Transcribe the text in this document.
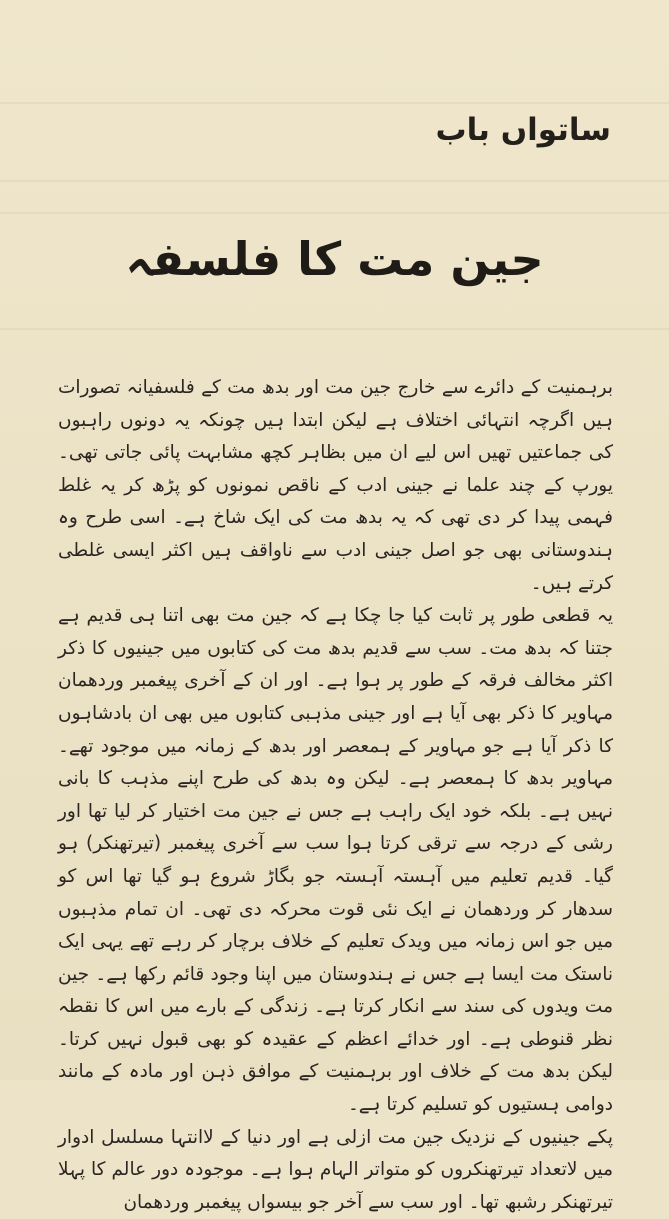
ساتواں باب
جین مت کا فلسفہ

برہمنیت کے دائرے سے خارج جین مت اور بدھ مت کے فلسفیانہ تصورات ہیں اگرچہ انتہائی اختلاف ہے لیکن ابتدا ہیں چونکہ یہ دونوں راہبوں کی جماعتیں تھیں اس لیے ان میں بظاہر کچھ مشابہت پائی جاتی تھی۔ یورپ کے چند علما نے جینی ادب کے ناقص نمونوں کو پڑھ کر یہ غلط فہمی پیدا کر دی تھی کہ یہ بدھ مت کی ایک شاخ ہے۔ اسی طرح وہ ہندوستانی بھی جو اصل جینی ادب سے ناواقف ہیں اکثر ایسی غلطی کرتے ہیں۔

یہ قطعی طور پر ثابت کیا جا چکا ہے کہ جین مت بھی اتنا ہی قدیم ہے جتنا کہ بدھ مت۔ سب سے قدیم بدھ مت کی کتابوں میں جینیوں کا ذکر اکثر مخالف فرقہ کے طور پر ہوا ہے۔ اور ان کے آخری پیغمبر وردھمان مہاویر کا ذکر بھی آیا ہے اور جینی مذہبی کتابوں میں بھی ان بادشاہوں کا ذکر آیا ہے جو مہاویر کے ہمعصر اور بدھ کے زمانہ میں موجود تھے۔ مہاویر بدھ کا ہمعصر ہے۔ لیکن وہ بدھ کی طرح اپنے مذہب کا بانی نہیں ہے۔ بلکہ خود ایک راہب ہے جس نے جین مت اختیار کر لیا تھا اور رشی کے درجہ سے ترقی کرتا ہوا سب سے آخری پیغمبر (تیرتھنکر) ہو گیا۔ قدیم تعلیم میں آہستہ آہستہ جو بگاڑ شروع ہو گیا تھا اس کو سدھار کر وردھمان نے ایک نئی قوت محرکہ دی تھی۔ ان تمام مذہبوں میں جو اس زمانہ میں ویدک تعلیم کے خلاف برچار کر رہے تھے یہی ایک ناستک مت ایسا ہے جس نے ہندوستان میں اپنا وجود قائم رکھا ہے۔ جین مت ویدوں کی سند سے انکار کرتا ہے۔ زندگی کے بارے میں اس کا نقطہ نظر قنوطی ہے۔ اور خدائے اعظم کے عقیدہ کو بھی قبول نہیں کرتا۔ لیکن بدھ مت کے خلاف اور برہمنیت کے موافق ذہن اور مادہ کے مانند دوامی ہستیوں کو تسلیم کرتا ہے۔

پکے جینیوں کے نزدیک جین مت ازلی ہے اور دنیا کے لاانتہا مسلسل ادوار میں لاتعداد تیرتھنکروں کو متواتر الہام ہوا ہے۔ موجودہ دور عالم کا پہلا تیرتھنکر رشبھ تھا۔ اور سب سے آخر جو بیسواں پیغمبر وردھمان
